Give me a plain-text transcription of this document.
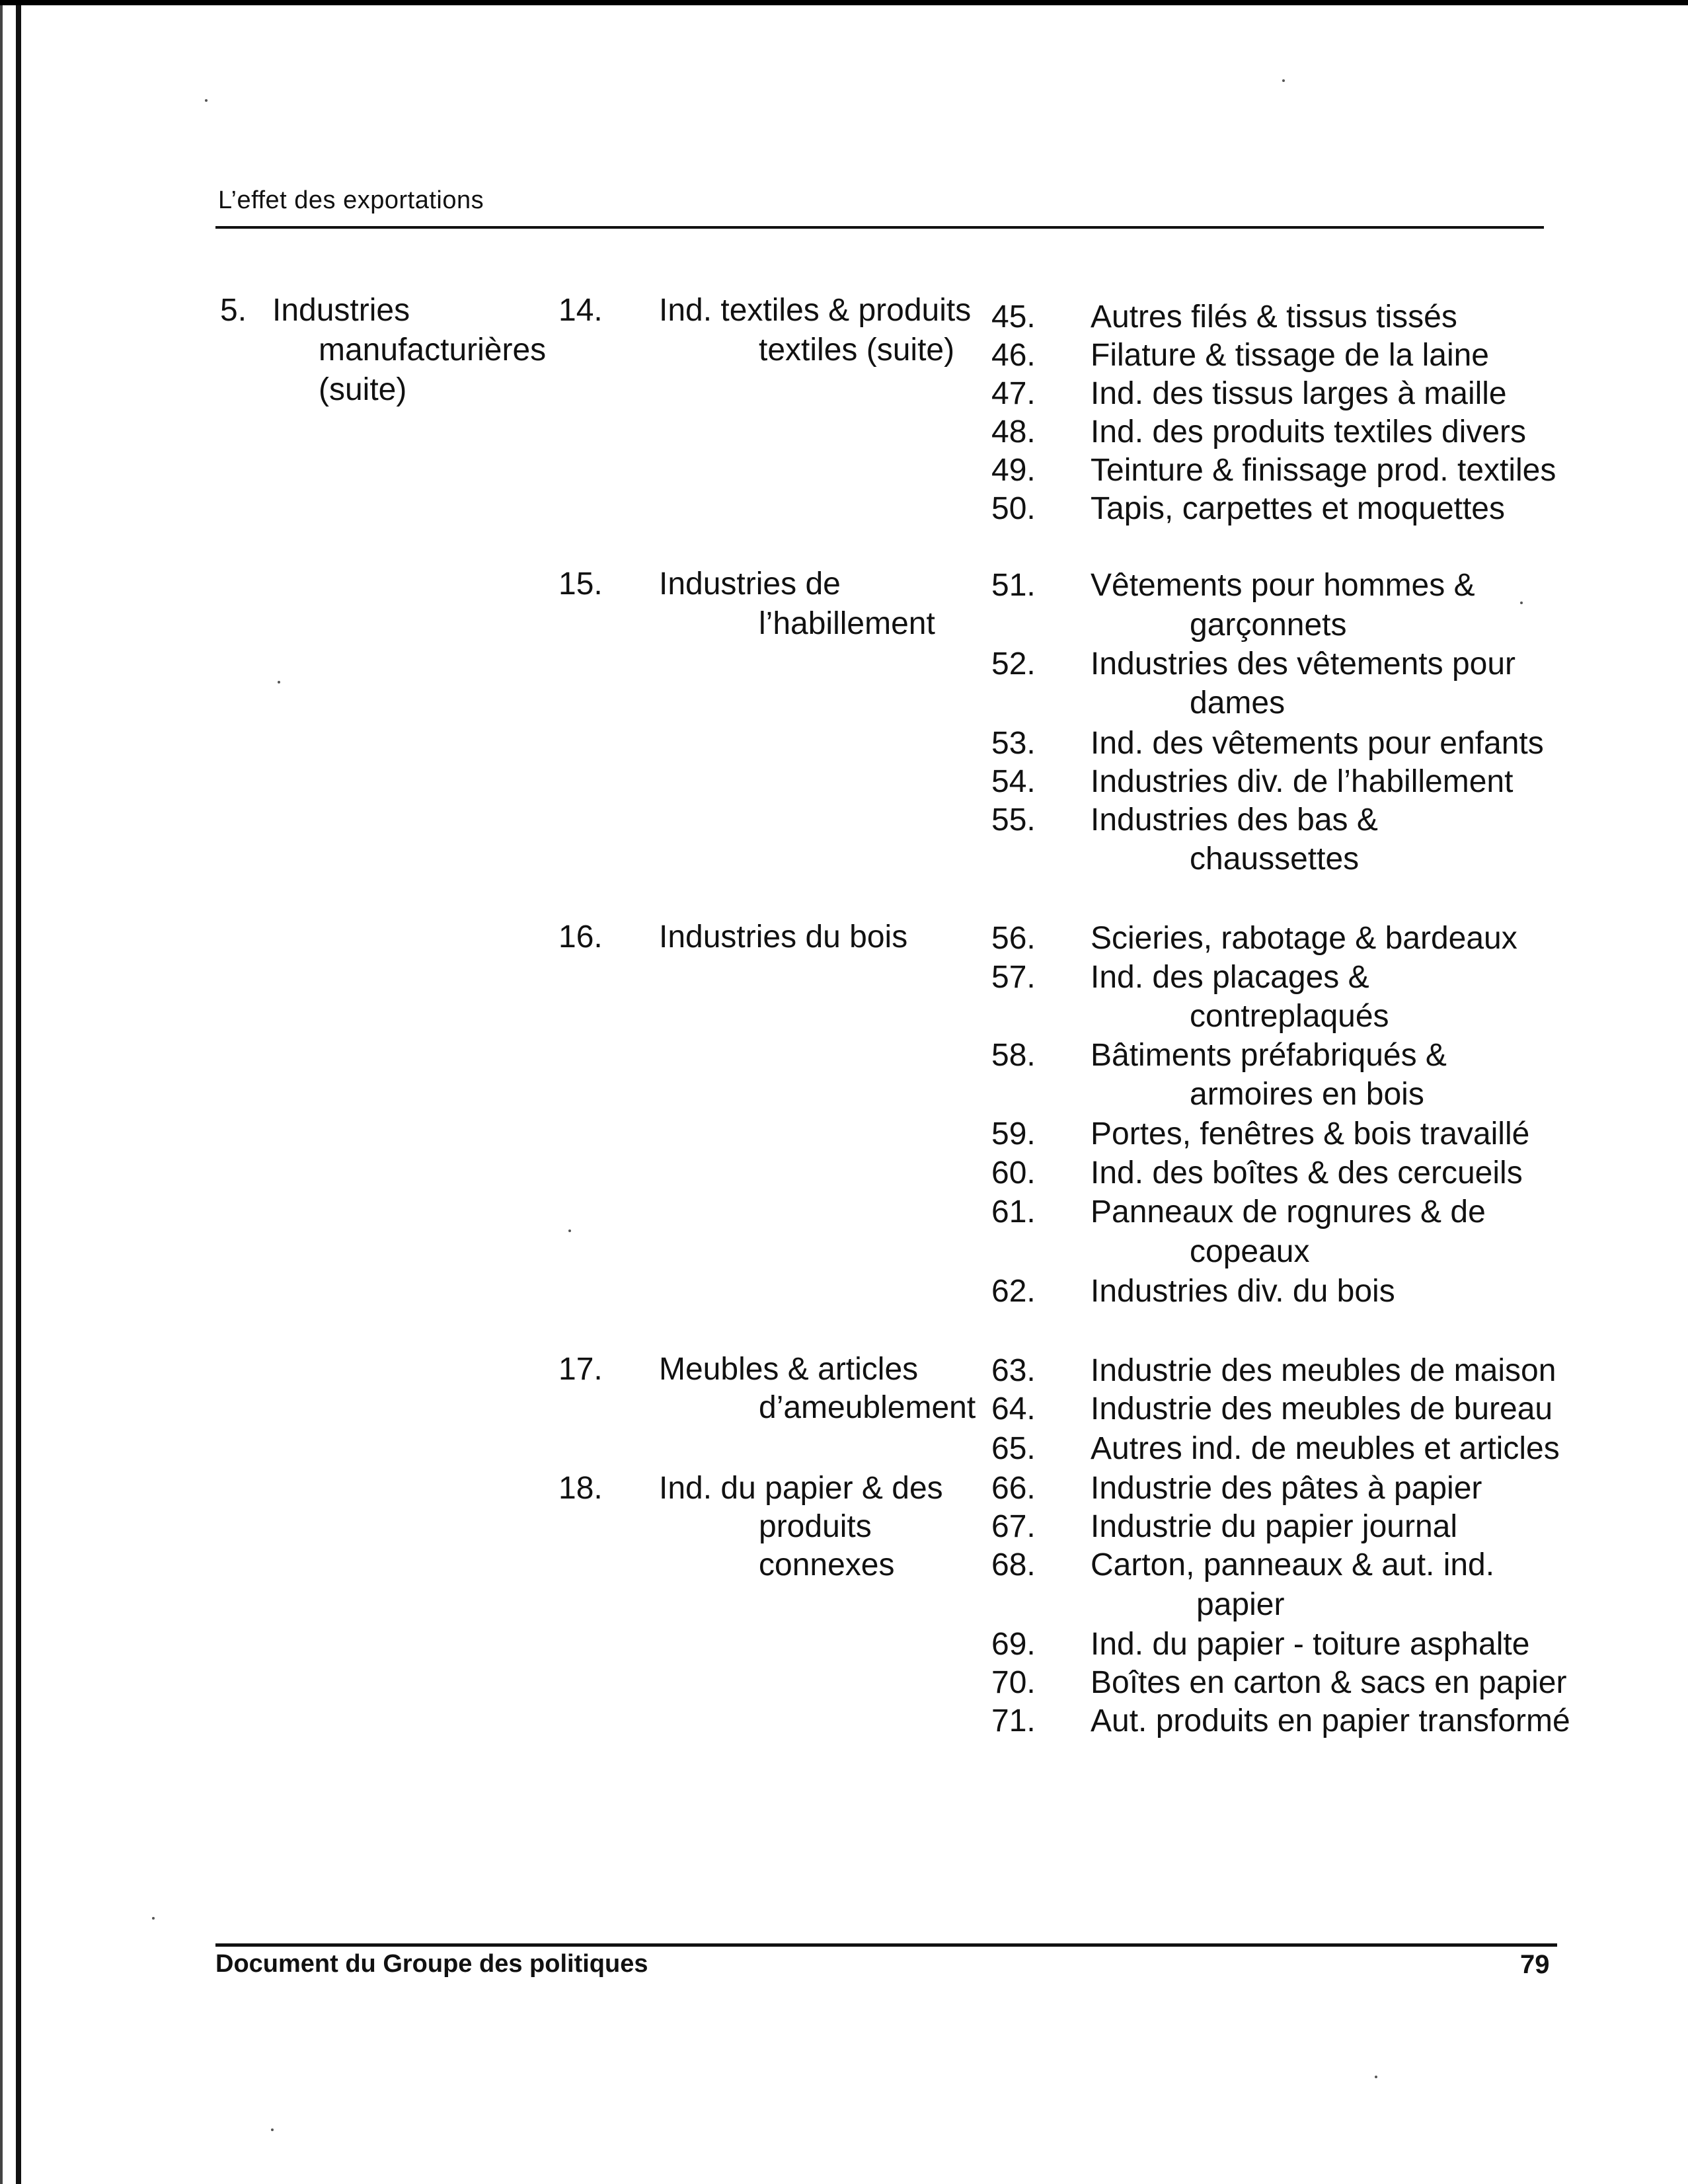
L’effet des exportations
5. Industries
manufacturières
(suite)
14. Ind. textiles & produits
textiles (suite)
45. Autres filés & tissus tissés
46. Filature & tissage de la laine
47. Ind. des tissus larges à maille
48. Ind. des produits textiles divers
49. Teinture & finissage prod. textiles
50. Tapis, carpettes et moquettes
15. Industries de
l’habillement
51. Vêtements pour hommes &
garçonnets
52. Industries des vêtements pour
dames
53. Ind. des vêtements pour enfants
54. Industries div. de l’habillement
55. Industries des bas &
chaussettes
16. Industries du bois	56. Scieries, rabotage & bardeaux
57. Ind. des placages &
contreplaqués
58. Bâtiments préfabriqués &
armoires en bois
59. Portes, fenêtres & bois travaillé
60. Ind. des boîtes & des cercueils
61. Panneaux de rognures & de
copeaux
62. Industries div. du bois
17. Meubles & articles
d’ameublement
63. Industrie des meubles de maison
64. Industrie des meubles de bureau
65. Autres ind. de meubles et articles
18. Ind. du papier & des
produits
connexes
66. Industrie des pâtes à papier
67. Industrie du papier journal
68. Carton, panneaux & aut. ind.
papier
69. Ind. du papier - toiture asphalte
70. Boîtes en carton & sacs en papier
71. Aut. produits en papier transformé
Document du Groupe des politiques	79
